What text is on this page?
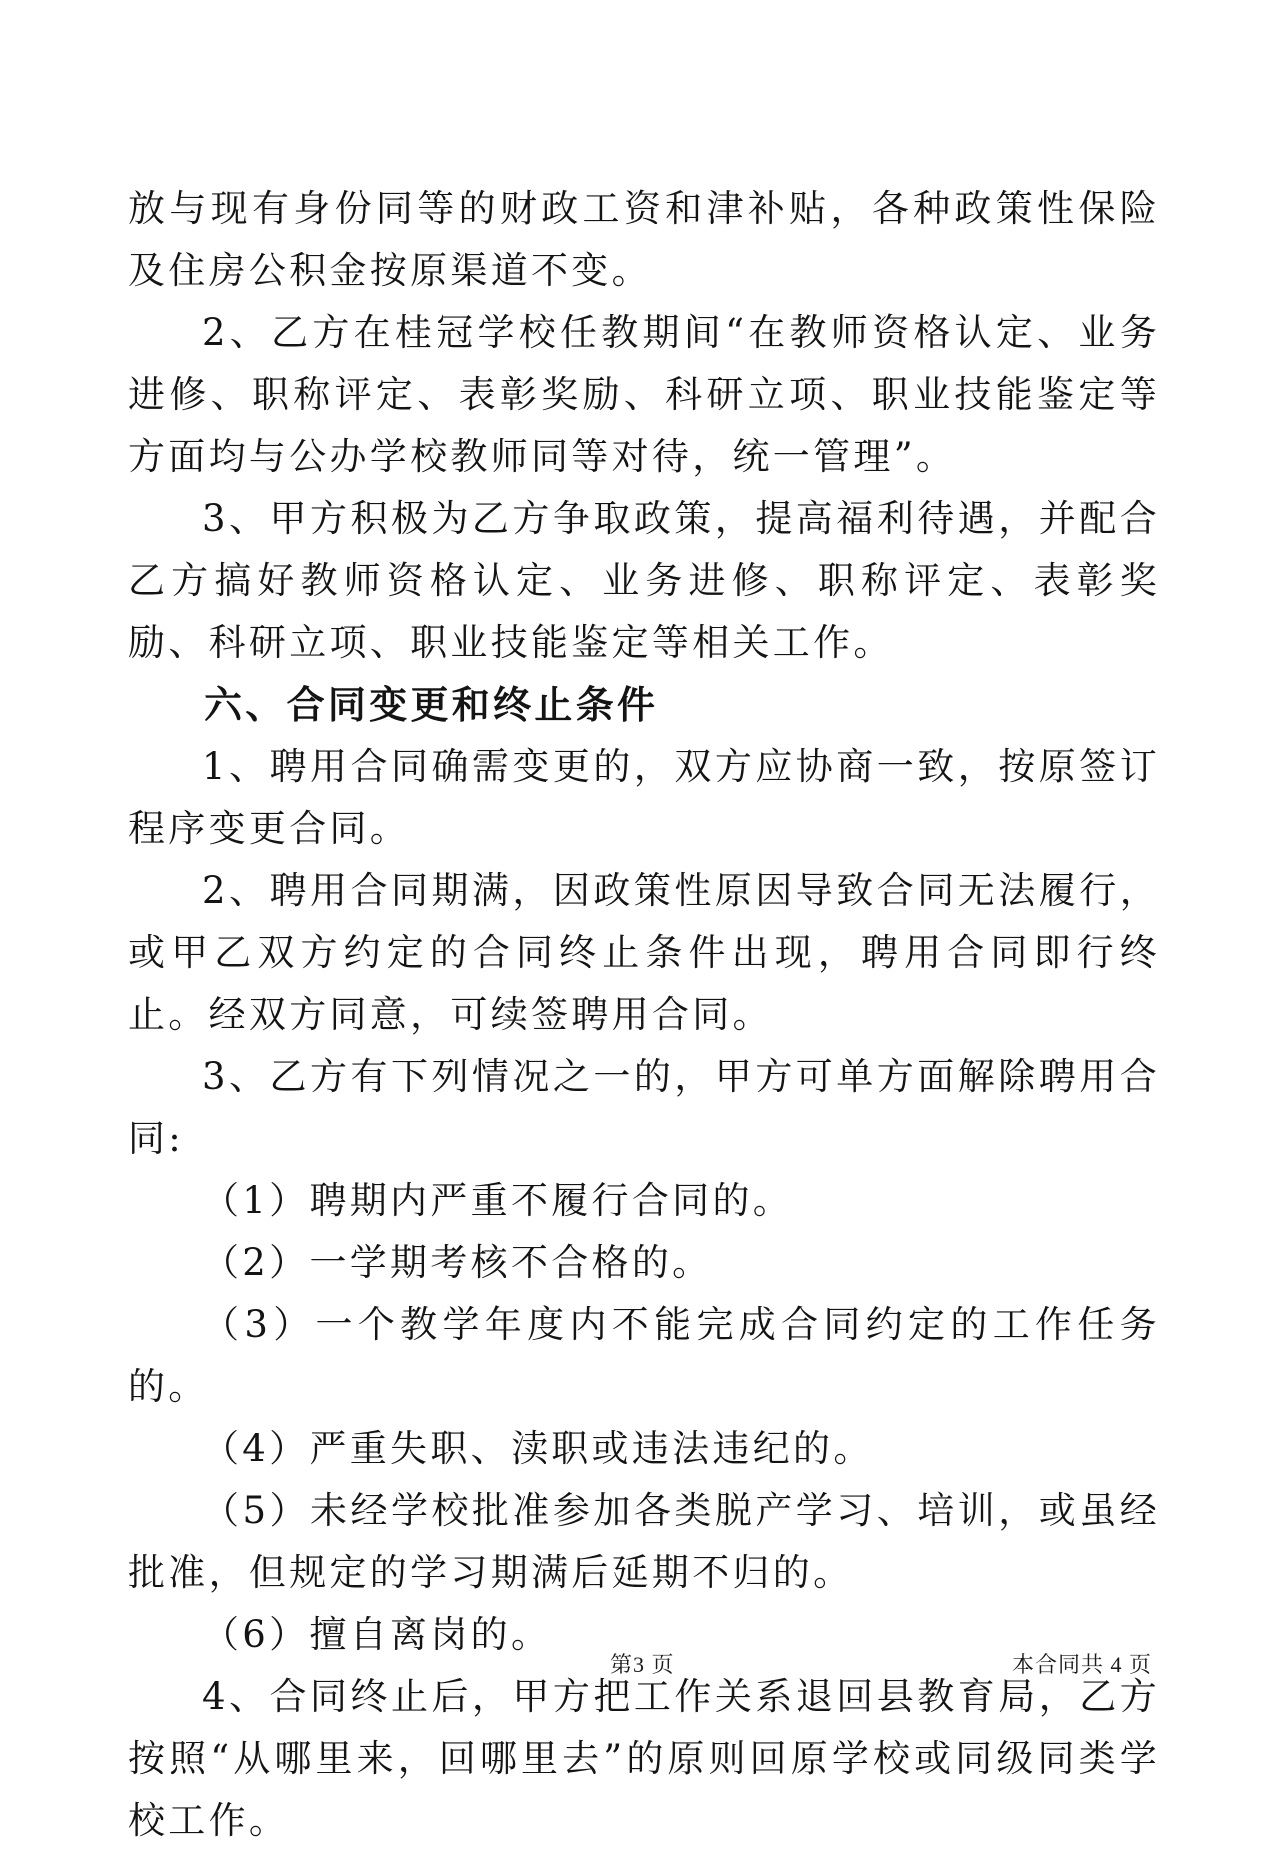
放与现有身份同等的财政工资和津补贴，各种政策性保险及住房公积金按原渠道不变。

2、乙方在桂冠学校任教期间“在教师资格认定、业务进修、职称评定、表彰奖励、科研立项、职业技能鉴定等方面均与公办学校教师同等对待，统一管理”。

3、甲方积极为乙方争取政策，提高福利待遇，并配合乙方搞好教师资格认定、业务进修、职称评定、表彰奖励、科研立项、职业技能鉴定等相关工作。

六、合同变更和终止条件

1、聘用合同确需变更的，双方应协商一致，按原签订程序变更合同。

2、聘用合同期满，因政策性原因导致合同无法履行，或甲乙双方约定的合同终止条件出现，聘用合同即行终止。经双方同意，可续签聘用合同。

3、乙方有下列情况之一的，甲方可单方面解除聘用合同:

（1）聘期内严重不履行合同的。

（2）一学期考核不合格的。

（3）一个教学年度内不能完成合同约定的工作任务的。

（4）严重失职、渎职或违法违纪的。

（5）未经学校批准参加各类脱产学习、培训，或虽经批准，但规定的学习期满后延期不归的。

（6）擅自离岗的。

4、合同终止后，甲方把工作关系退回县教育局，乙方按照“从哪里来，回哪里去”的原则回原学校或同级同类学校工作。

第3 页	本合同共 4 页
